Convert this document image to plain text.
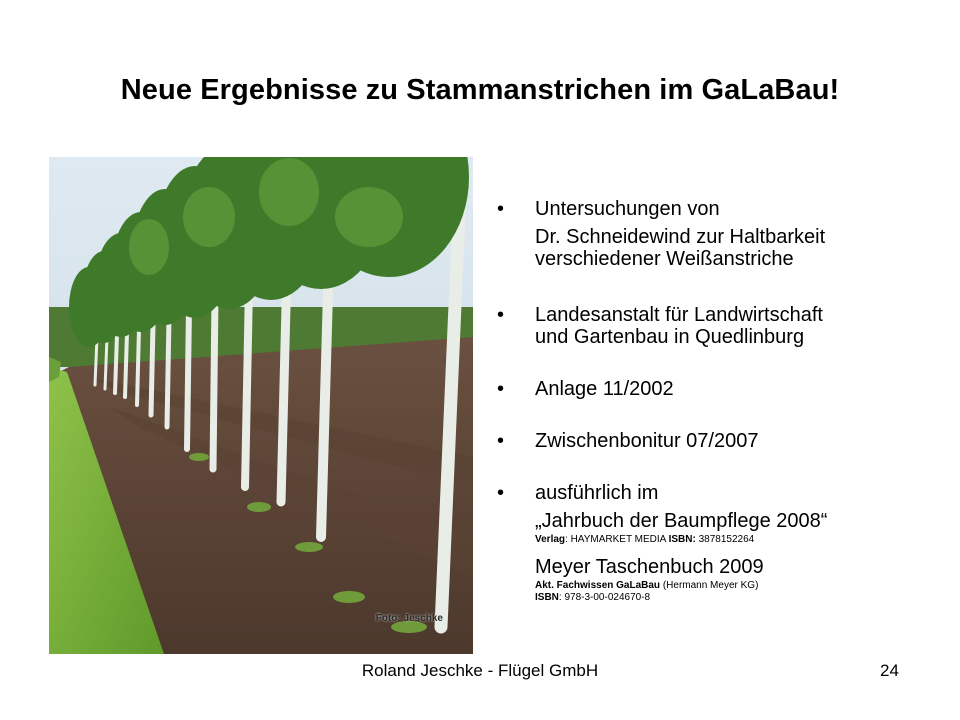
Neue Ergebnisse zu Stammanstrichen im GaLaBau!
Foto: Jeschke
• Untersuchungen von
Dr. Schneidewind zur Haltbarkeit
verschiedener Weißanstriche
• Landesanstalt für Landwirtschaft
und Gartenbau in Quedlinburg
• Anlage 11/2002
• Zwischenbonitur 07/2007
• ausführlich im
„Jahrbuch der Baumpflege 2008“
Verlag: HAYMARKET MEDIA ISBN: 3878152264
Meyer Taschenbuch 2009
Akt. Fachwissen GaLaBau (Hermann Meyer KG)
ISBN: 978-3-00-024670-8
Roland Jeschke - Flügel GmbH	24
